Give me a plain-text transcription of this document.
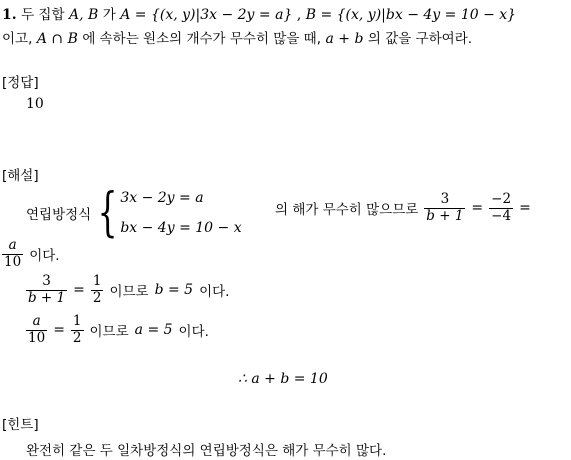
1. 두 집합 A, B 가 A = {(x, y)|3x − 2y = a} , B = {(x, y)|bx − 4y = 10 − x}
이고, A ∩ B 에 속하는 원소의 개수가 무수히 많을 때, a + b 의 값을 구하여라.
[정답]
10
[해설]
연립방정식 { 3x − 2y = a
bx − 4y = 10 − x
의 해가 무수히 많으므로 $\frac{3}{b + 1} = \frac{-2}{-4}$ =
$\frac{a}{10}$ 이다.
$\frac{3}{b + 1} = \frac{1}{2}$ 이므로 b = 5 이다.
$\frac{a}{10} = \frac{1}{2}$ 이므로 a = 5 이다.
∴ a + b = 10
[힌트]
완전히 같은 두 일차방정식의 연립방정식은 해가 무수히 많다.
